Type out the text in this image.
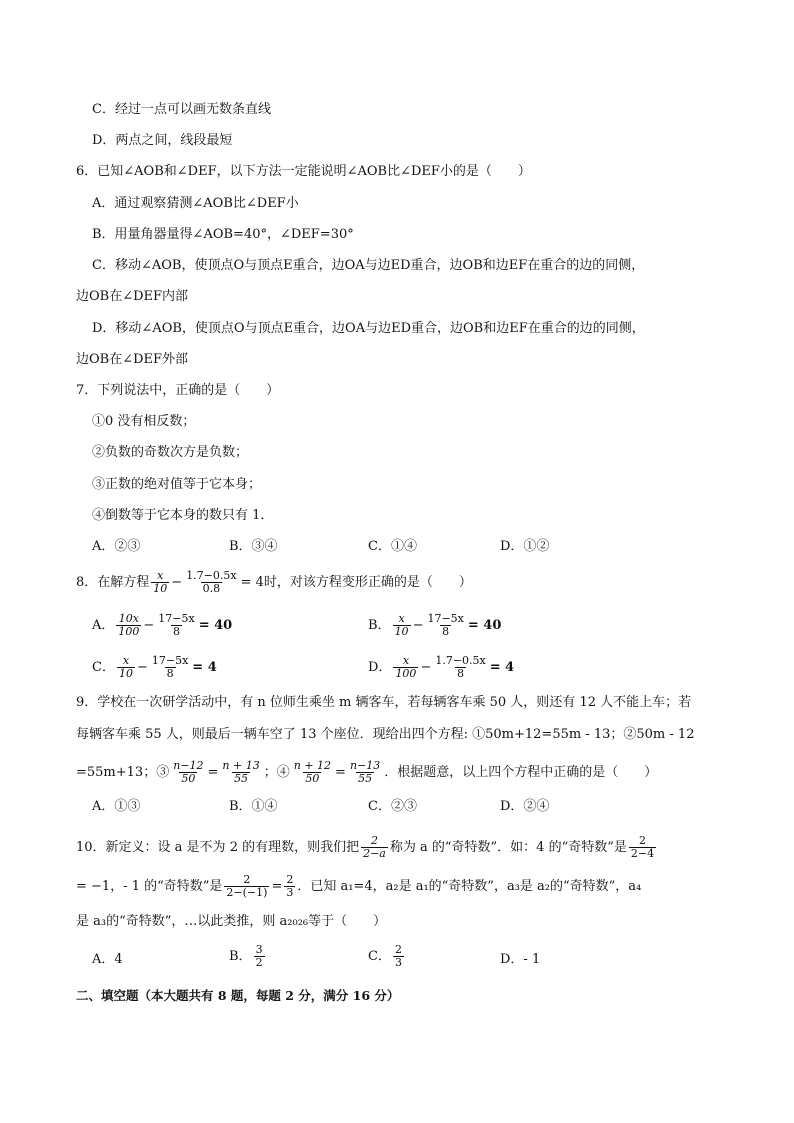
C．经过一点可以画无数条直线
D．两点之间，线段最短
6．已知∠AOB和∠DEF，以下方法一定能说明∠AOB比∠DEF小的是（　　）
A．通过观察猜测∠AOB比∠DEF小
B．用量角器量得∠AOB=40°，∠DEF=30°
C．移动∠AOB，使顶点O与顶点E重合，边OA与边ED重合，边OB和边EF在重合的边的同侧，
边OB在∠DEF内部
D．移动∠AOB，使顶点O与顶点E重合，边OA与边ED重合，边OB和边EF在重合的边的同侧，
边OB在∠DEF外部
7．下列说法中，正确的是（　　）
①0 没有相反数；
②负数的奇数次方是负数；
③正数的绝对值等于它本身；
④倒数等于它本身的数只有 1．
A．②③	B．③④	C．①④	D．①②
8．在解方程 $\frac{x}{10} - \frac{1.7-0.5x}{0.8} = 4$时，对该方程变形正确的是（　　）
A． $\frac{10x}{100} - \frac{17-5x}{8} = 40$	B． $\frac{x}{10} - \frac{17-5x}{8} = 40$
C． $\frac{x}{10} - \frac{17-5x}{8} = 4$	D． $\frac{x}{100} - \frac{1.7-0.5x}{8} = 4$
9．学校在一次研学活动中，有 n 位师生乘坐 m 辆客车，若每辆客车乘 50 人，则还有 12 人不能上车；若
每辆客车乘 55 人，则最后一辆车空了 13 个座位．现给出四个方程: ①50m+12=55m - 13；②50m - 12
=55m+13；③ $\frac{n-12}{50} = \frac{n + 13}{55}$ ；④ $\frac{n + 12}{50} = \frac{n-13}{55}$ ．根据题意，以上四个方程中正确的是（　　）
A．①③	B．①④	C．②③	D．②④
10．新定义：设 a 是不为 2 的有理数，则我们把 $\frac{2}{2-a}$ 称为 a 的“奇特数”．如：4 的“奇特数”是 $\frac{2}{2-4}$
= −1，- 1 的“奇特数”是 $\frac{2}{2-(-1)} = \frac{2}{3}$ ．已知 a₁=4，a₂是 a₁的“奇特数”，a₃是 a₂的“奇特数”，a₄
是 a₃的“奇特数”，…以此类推，则 a₂₀₂₆等于（　　）
A．4	B． $\frac{3}{2}$	C． $\frac{2}{3}$	D．- 1
二、填空题（本大题共有 8 题，每题 2 分，满分 16 分）
